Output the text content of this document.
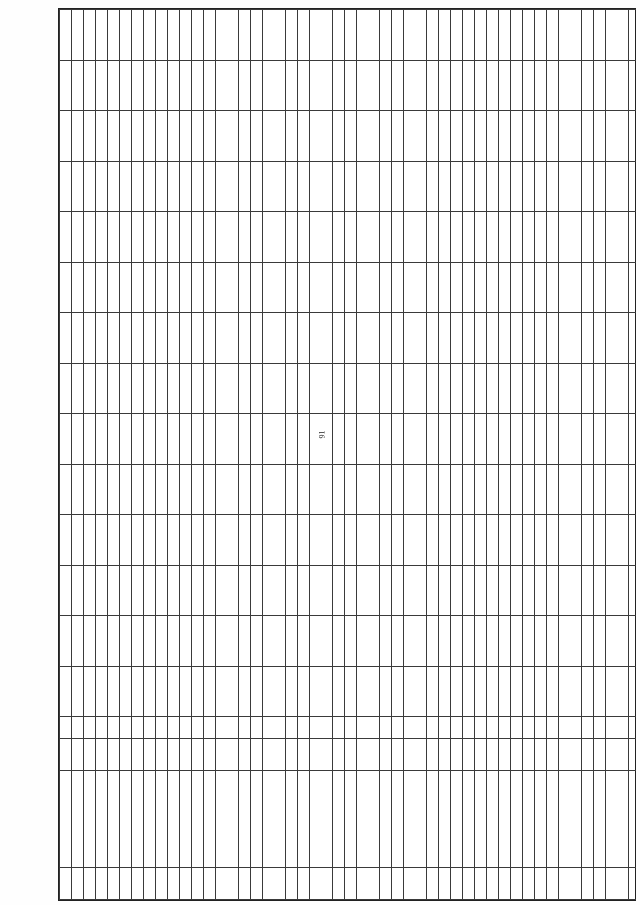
91
